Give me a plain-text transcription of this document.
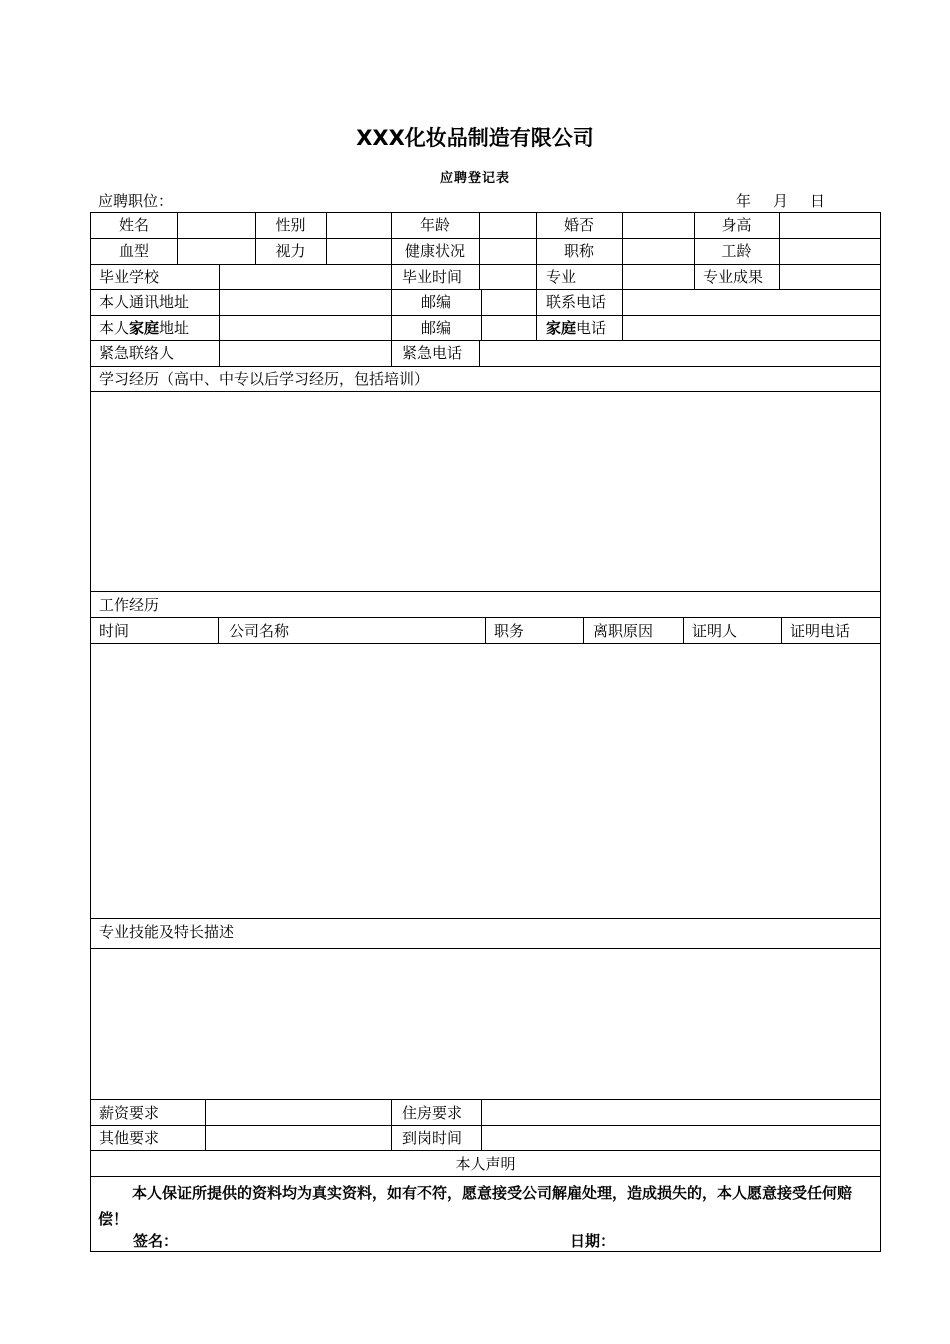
XXX化妆品制造有限公司
应聘登记表
应聘职位：	年 月 日
姓名	性别	年龄	婚否	身高
血型	视力	健康状况	职称	工龄
毕业学校	毕业时间	专业	专业成果
本人通讯地址	邮编	联系电话
本人家庭地址	邮编	家庭电话
紧急联络人	紧急电话
学习经历（高中、中专以后学习经历，包括培训）
工作经历
时间	公司名称	职务	离职原因	证明人	证明电话
专业技能及特长描述
薪资要求	住房要求
其他要求	到岗时间
本人声明
本人保证所提供的资料均为真实资料，如有不符，愿意接受公司解雇处理，造成损失的，本人愿意接受任何赔偿！
签名：	日期：
